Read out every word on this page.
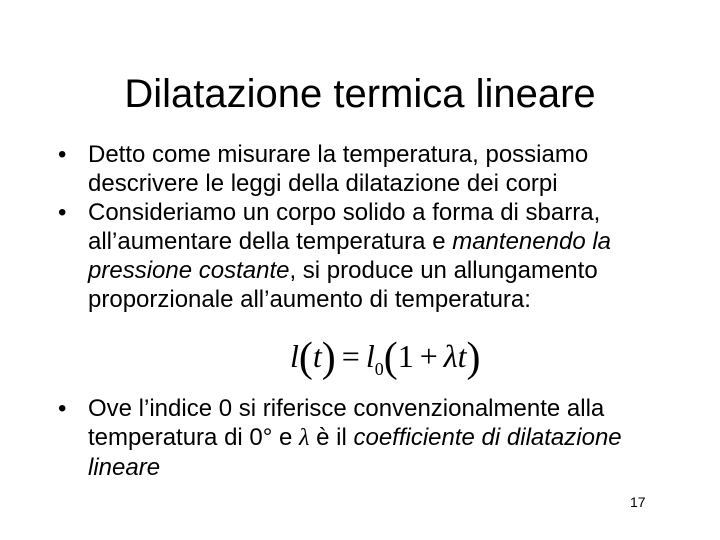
Dilatazione termica lineare
• Detto come misurare la temperatura, possiamo descrivere le leggi della dilatazione dei corpi
• Consideriamo un corpo solido a forma di sbarra, all’aumentare della temperatura e mantenendo la pressione costante, si produce un allungamento proporzionale all’aumento di temperatura:
$l(t) = l_0(1 + \lambda t)$
• Ove l’indice 0 si riferisce convenzionalmente alla temperatura di 0° e λ è il coefficiente di dilatazione lineare
17
